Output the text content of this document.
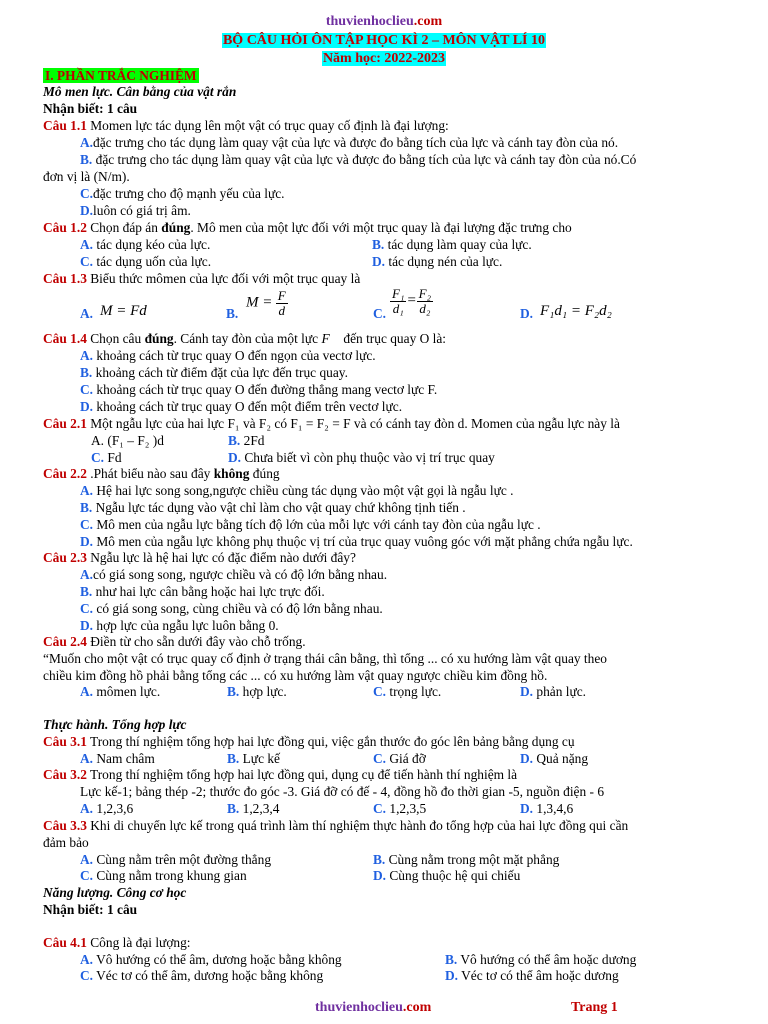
thuvienhoclieu.com
BỘ CÂU HỎI ÔN TẬP HỌC KÌ 2 – MÔN VẬT LÍ 10
Năm học: 2022-2023
I. PHẦN TRẮC NGHIỆM
Mô men lực. Cân bằng của vật rắn
Nhận biết: 1 câu
Câu 1.1 Momen lực tác dụng lên một vật có trục quay cố định là đại lượng:
A.đặc trưng cho tác dụng làm quay vật của lực và được đo bằng tích của lực và cánh tay đòn của nó.
B. đặc trưng cho tác dụng làm quay vật của lực và được đo bằng tích của lực và cánh tay đòn của nó.Có
đơn vị là (N/m).
C.đặc trưng cho độ mạnh yếu của lực.
D.luôn có giá trị âm.
Câu 1.2 Chọn đáp án đúng. Mô men của một lực đối với một trục quay là đại lượng đặc trưng cho
A. tác dụng kéo của lực.	B. tác dụng làm quay của lực.
C. tác dụng uốn của lực.	D. tác dụng nén của lực.
Câu 1.3 Biểu thức mômen của lực đối với một trục quay là
A. M = Fd	B.
$M = \frac{F}{d}$	C. $\frac{\text{F₁}}{\text{d₁}} = \frac{\text{F₂}}{\text{d₂}}$	D. F₁d₁ = F₂d₂
Câu 1.4 Chọn câu đúng. Cánh tay đòn của một lực F⃗ đến trục quay O là:
A. khoảng cách từ trục quay O đến ngọn của vectơ lực.
B. khoảng cách từ điểm đặt của lực đến trục quay.
C. khoảng cách từ trục quay O đến đường thẳng mang vectơ lực F.
D. khoảng cách từ trục quay O đến một điểm trên vectơ lực.
Câu 2.1 Một ngẫu lực của hai lực F₁ và F₂ có F₁ = F₂ = F và có cánh tay đòn d. Momen của ngẫu lực này là
A. (F₁ – F₂ )d	B. 2Fd
C. Fd	D. Chưa biết vì còn phụ thuộc vào vị trí trục quay
Câu 2.2 .Phát biểu nào sau đây không đúng
A. Hệ hai lực song song,ngược chiều cùng tác dụng vào một vật gọi là ngẫu lực .
B. Ngẫu lực tác dụng vào vật chỉ làm cho vật quay chứ không tịnh tiến .
C. Mô men của ngẫu lực bằng tích độ lớn của mỗi lực với cánh tay đòn của ngẫu lực .
D. Mô men của ngẫu lực không phụ thuộc vị trí của trục quay vuông góc với mặt phẳng chứa ngẫu lực.
Câu 2.3 Ngẫu lực là hệ hai lực có đặc điểm nào dưới đây?
A.có giá song song, ngược chiều và có độ lớn bằng nhau.
B. như hai lực cân bằng hoặc hai lực trực đối.
C. có giá song song, cùng chiều và có độ lớn bằng nhau.
D. hợp lực của ngẫu lực luôn bằng 0.
Câu 2.4 Điền từ cho sẵn dưới đây vào chỗ trống.
“Muốn cho một vật có trục quay cố định ở trạng thái cân bằng, thì tổng ... có xu hướng làm vật quay theo
chiều kim đồng hồ phải bằng tổng các ... có xu hướng làm vật quay ngược chiều kim đồng hồ.
A. mômen lực.	B. hợp lực.	C. trọng lực.	D. phản lực.
Thực hành. Tổng hợp lực
Câu 3.1 Trong thí nghiệm tổng hợp hai lực đồng qui, việc gắn thước đo góc lên bảng bằng dụng cụ
A. Nam châm	B. Lực kế	C. Giá đỡ	D. Quả nặng
Câu 3.2 Trong thí nghiệm tổng hợp hai lực đồng qui, dụng cụ để tiến hành thí nghiệm là
Lực kế-1; bảng thép -2; thước đo góc -3. Giá đỡ có đế - 4, đồng hồ đo thời gian -5, nguồn điện - 6
A. 1,2,3,6	B. 1,2,3,4	C. 1,2,3,5	D. 1,3,4,6
Câu 3.3 Khi di chuyển lực kế trong quá trình làm thí nghiệm thực hành đo tổng hợp của hai lực đồng qui cần
đảm bảo
A. Cùng nằm trên một đường thẳng	B. Cùng nằm trong một mặt phẳng
C. Cùng nằm trong khung gian	D. Cùng thuộc hệ qui chiếu
Năng lượng. Công cơ học
Nhận biết: 1 câu
Câu 4.1 Công là đại lượng:
A. Vô hướng có thể âm, dương hoặc bằng không	B. Vô hướng có thể âm hoặc dương
C. Véc tơ có thể âm, dương hoặc bằng không	D. Véc tơ có thể âm hoặc dương
thuvienhoclieu.com	Trang 1
